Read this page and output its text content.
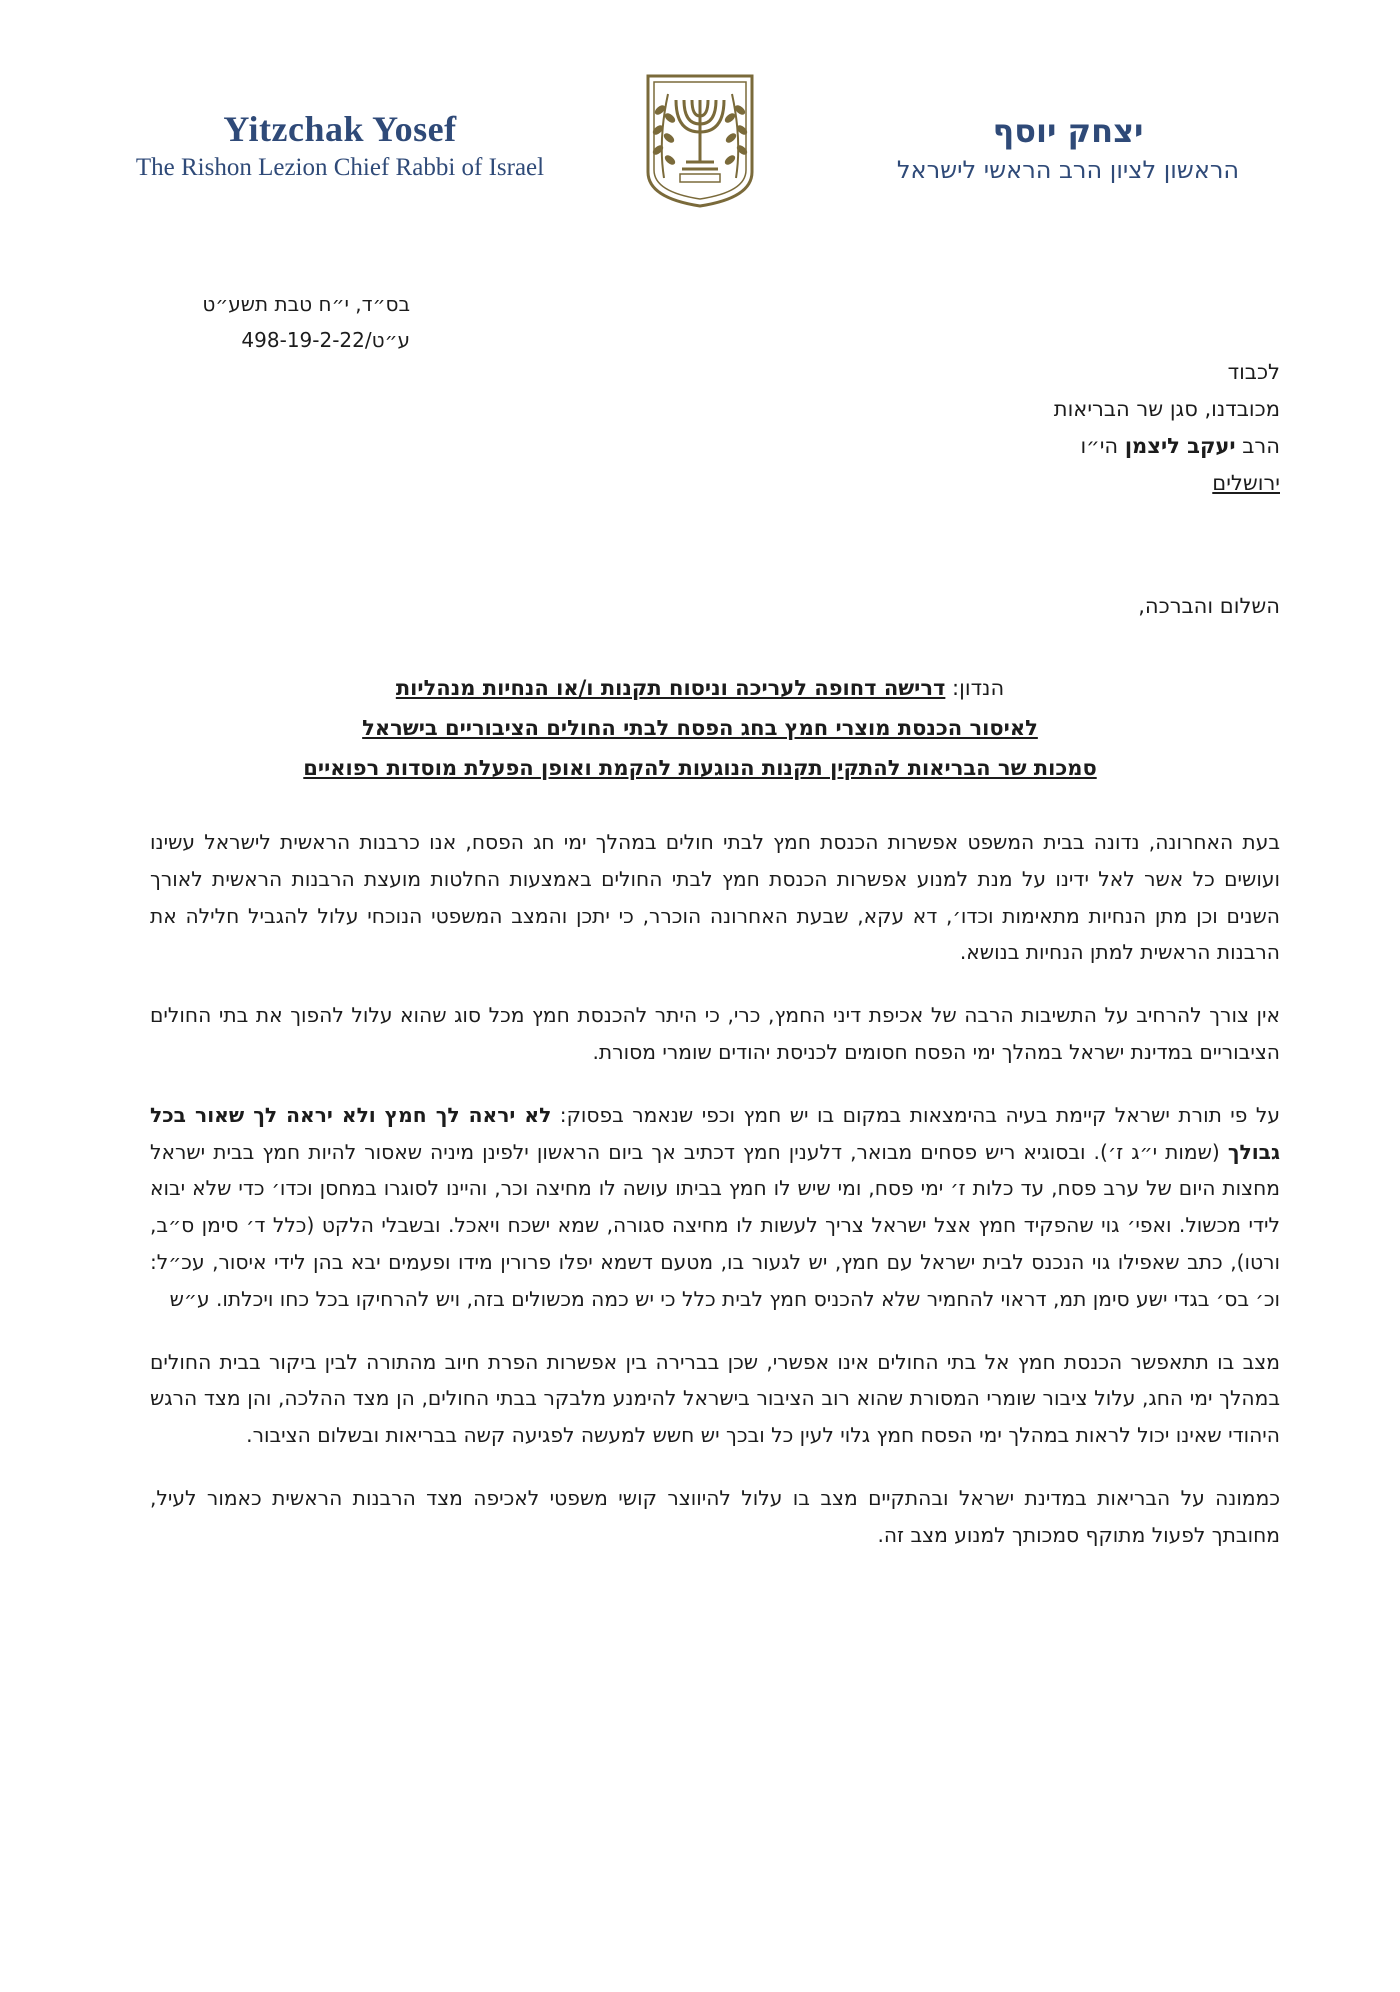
Yitzchak Yosef
The Rishon Lezion Chief Rabbi of Israel
יצחק יוסף
הראשון לציון הרב הראשי לישראל
בס״ד, י״ח טבת תשע״ט
ע״ט/498-19-2-22
לכבוד
מכובדנו, סגן שר הבריאות
הרב יעקב ליצמן הי״ו
ירושלים
השלום והברכה,
הנדון: דרישה דחופה לעריכה וניסוח תקנות ו/או הנחיות מנהליות
לאיסור הכנסת מוצרי חמץ בחג הפסח לבתי החולים הציבוריים בישראל
סמכות שר הבריאות להתקין תקנות הנוגעות להקמת ואופן הפעלת מוסדות רפואיים

בעת האחרונה, נדונה בבית המשפט אפשרות הכנסת חמץ לבתי חולים במהלך ימי חג הפסח, אנו כרבנות הראשית לישראל עשינו ועושים כל אשר לאל ידינו על מנת למנוע אפשרות הכנסת חמץ לבתי החולים באמצעות החלטות מועצת הרבנות הראשית לאורך השנים וכן מתן הנחיות מתאימות וכדו׳, דא עקא, שבעת האחרונה הוכרר, כי יתכן והמצב המשפטי הנוכחי עלול להגביל חלילה את הרבנות הראשית למתן הנחיות בנושא.

אין צורך להרחיב על התשיבות הרבה של אכיפת דיני החמץ, כרי, כי היתר להכנסת חמץ מכל סוג שהוא עלול להפוך את בתי החולים הציבוריים במדינת ישראל במהלך ימי הפסח חסומים לכניסת יהודים שומרי מסורת.

על פי תורת ישראל קיימת בעיה בהימצאות במקום בו יש חמץ וכפי שנאמר בפסוק: לא יראה לך חמץ ולא יראה לך שאור בכל גבולך (שמות י״ג ז׳). ובסוגיא ריש פסחים מבואר, דלענין חמץ דכתיב אך ביום הראשון ילפינן מיניה שאסור להיות חמץ בבית ישראל מחצות היום של ערב פסח, עד כלות ז׳ ימי פסח, ומי שיש לו חמץ בביתו עושה לו מחיצה וכר, והיינו לסוגרו במחסן וכדו׳ כדי שלא יבוא לידי מכשול. ואפי׳ גוי שהפקיד חמץ אצל ישראל צריך לעשות לו מחיצה סגורה, שמא ישכח ויאכל. ובשבלי הלקט (כלל ד׳ סימן ס״ב, ורטו), כתב שאפילו גוי הנכנס לבית ישראל עם חמץ, יש לגעור בו, מטעם דשמא יפלו פרורין מידו ופעמים יבא בהן לידי איסור, עכ״ל: וכ׳ בס׳ בגדי ישע סימן תמ, דראוי להחמיר שלא להכניס חמץ לבית כלל כי יש כמה מכשולים בזה, ויש להרחיקו בכל כחו ויכלתו. ע״ש

מצב בו תתאפשר הכנסת חמץ אל בתי החולים אינו אפשרי, שכן בברירה בין אפשרות הפרת חיוב מהתורה לבין ביקור בבית החולים במהלך ימי החג, עלול ציבור שומרי המסורת שהוא רוב הציבור בישראל להימנע מלבקר בבתי החולים, הן מצד ההלכה, והן מצד הרגש היהודי שאינו יכול לראות במהלך ימי הפסח חמץ גלוי לעין כל ובכך יש חשש למעשה לפגיעה קשה בבריאות ובשלום הציבור.

כממונה על הבריאות במדינת ישראל ובהתקיים מצב בו עלול להיווצר קושי משפטי לאכיפה מצד הרבנות הראשית כאמור לעיל, מחובתך לפעול מתוקף סמכותך למנוע מצב זה.
